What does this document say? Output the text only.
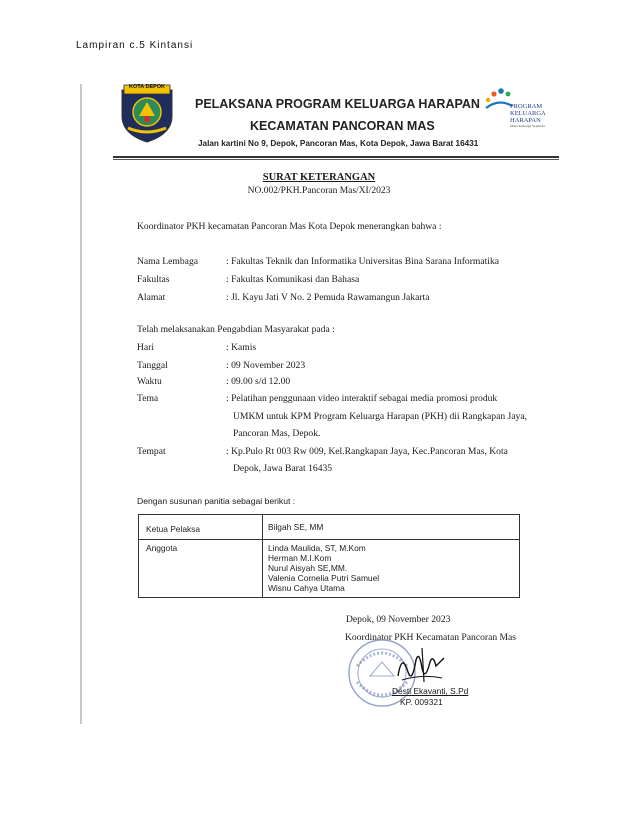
Lampiran c.5 Kintansi
KOTA DEPOK
PELAKSANA PROGRAM KELUARGA HARAPAN
KECAMATAN PANCORAN MAS
Jalan kartini No 9, Depok, Pancoran Mas, Kota Depok, Jawa Barat 16431
PROGRAM
KELUARGA
HARAPAN
Masa Keluarga Sejahtera
SURAT KETERANGAN
NO.002/PKH.Pancoran Mas/XI/2023
Koordinator PKH kecamatan Pancoran Mas Kota Depok menerangkan bahwa :
Nama Lembaga	: Fakultas Teknik dan Informatika Universitas Bina Sarana Informatika
Fakultas	: Fakultas Komunikasi dan Bahasa
Alamat	: Jl. Kayu Jati V No. 2 Pemuda Rawamangun Jakarta
Telah melaksanakan Pengabdian Masyarakat pada :
Hari	: Kamis
Tanggal	: 09 November 2023
Waktu	: 09.00 s/d 12.00
Tema	: Pelatihan penggunaan video interaktif sebagai media promosi produk
UMKM untuk KPM Program Keluarga Harapan (PKH) dii Rangkapan Jaya,
Pancoran Mas, Depok.
Tempat	: Kp.Pulo Rt 003 Rw 009, Kel.Rangkapan Jaya, Kec.Pancoran Mas, Kota
Depok, Jawa Barat 16435
Dengan susunan panitia sebagai berikut :
Ketua Pelaksa	Bilgah SE, MM
Anggota	Linda Maulida, ST, M.Kom
Herman M.I.Kom
Nurul Aisyah SE,MM.
Valenia Cornelia Putri Samuel
Wisnu Cahya Utama
Depok, 09 November 2023
Koordinator PKH Kecamatan Pancoran Mas
Desti Ekavanti, S.Pd
KP. 009321
